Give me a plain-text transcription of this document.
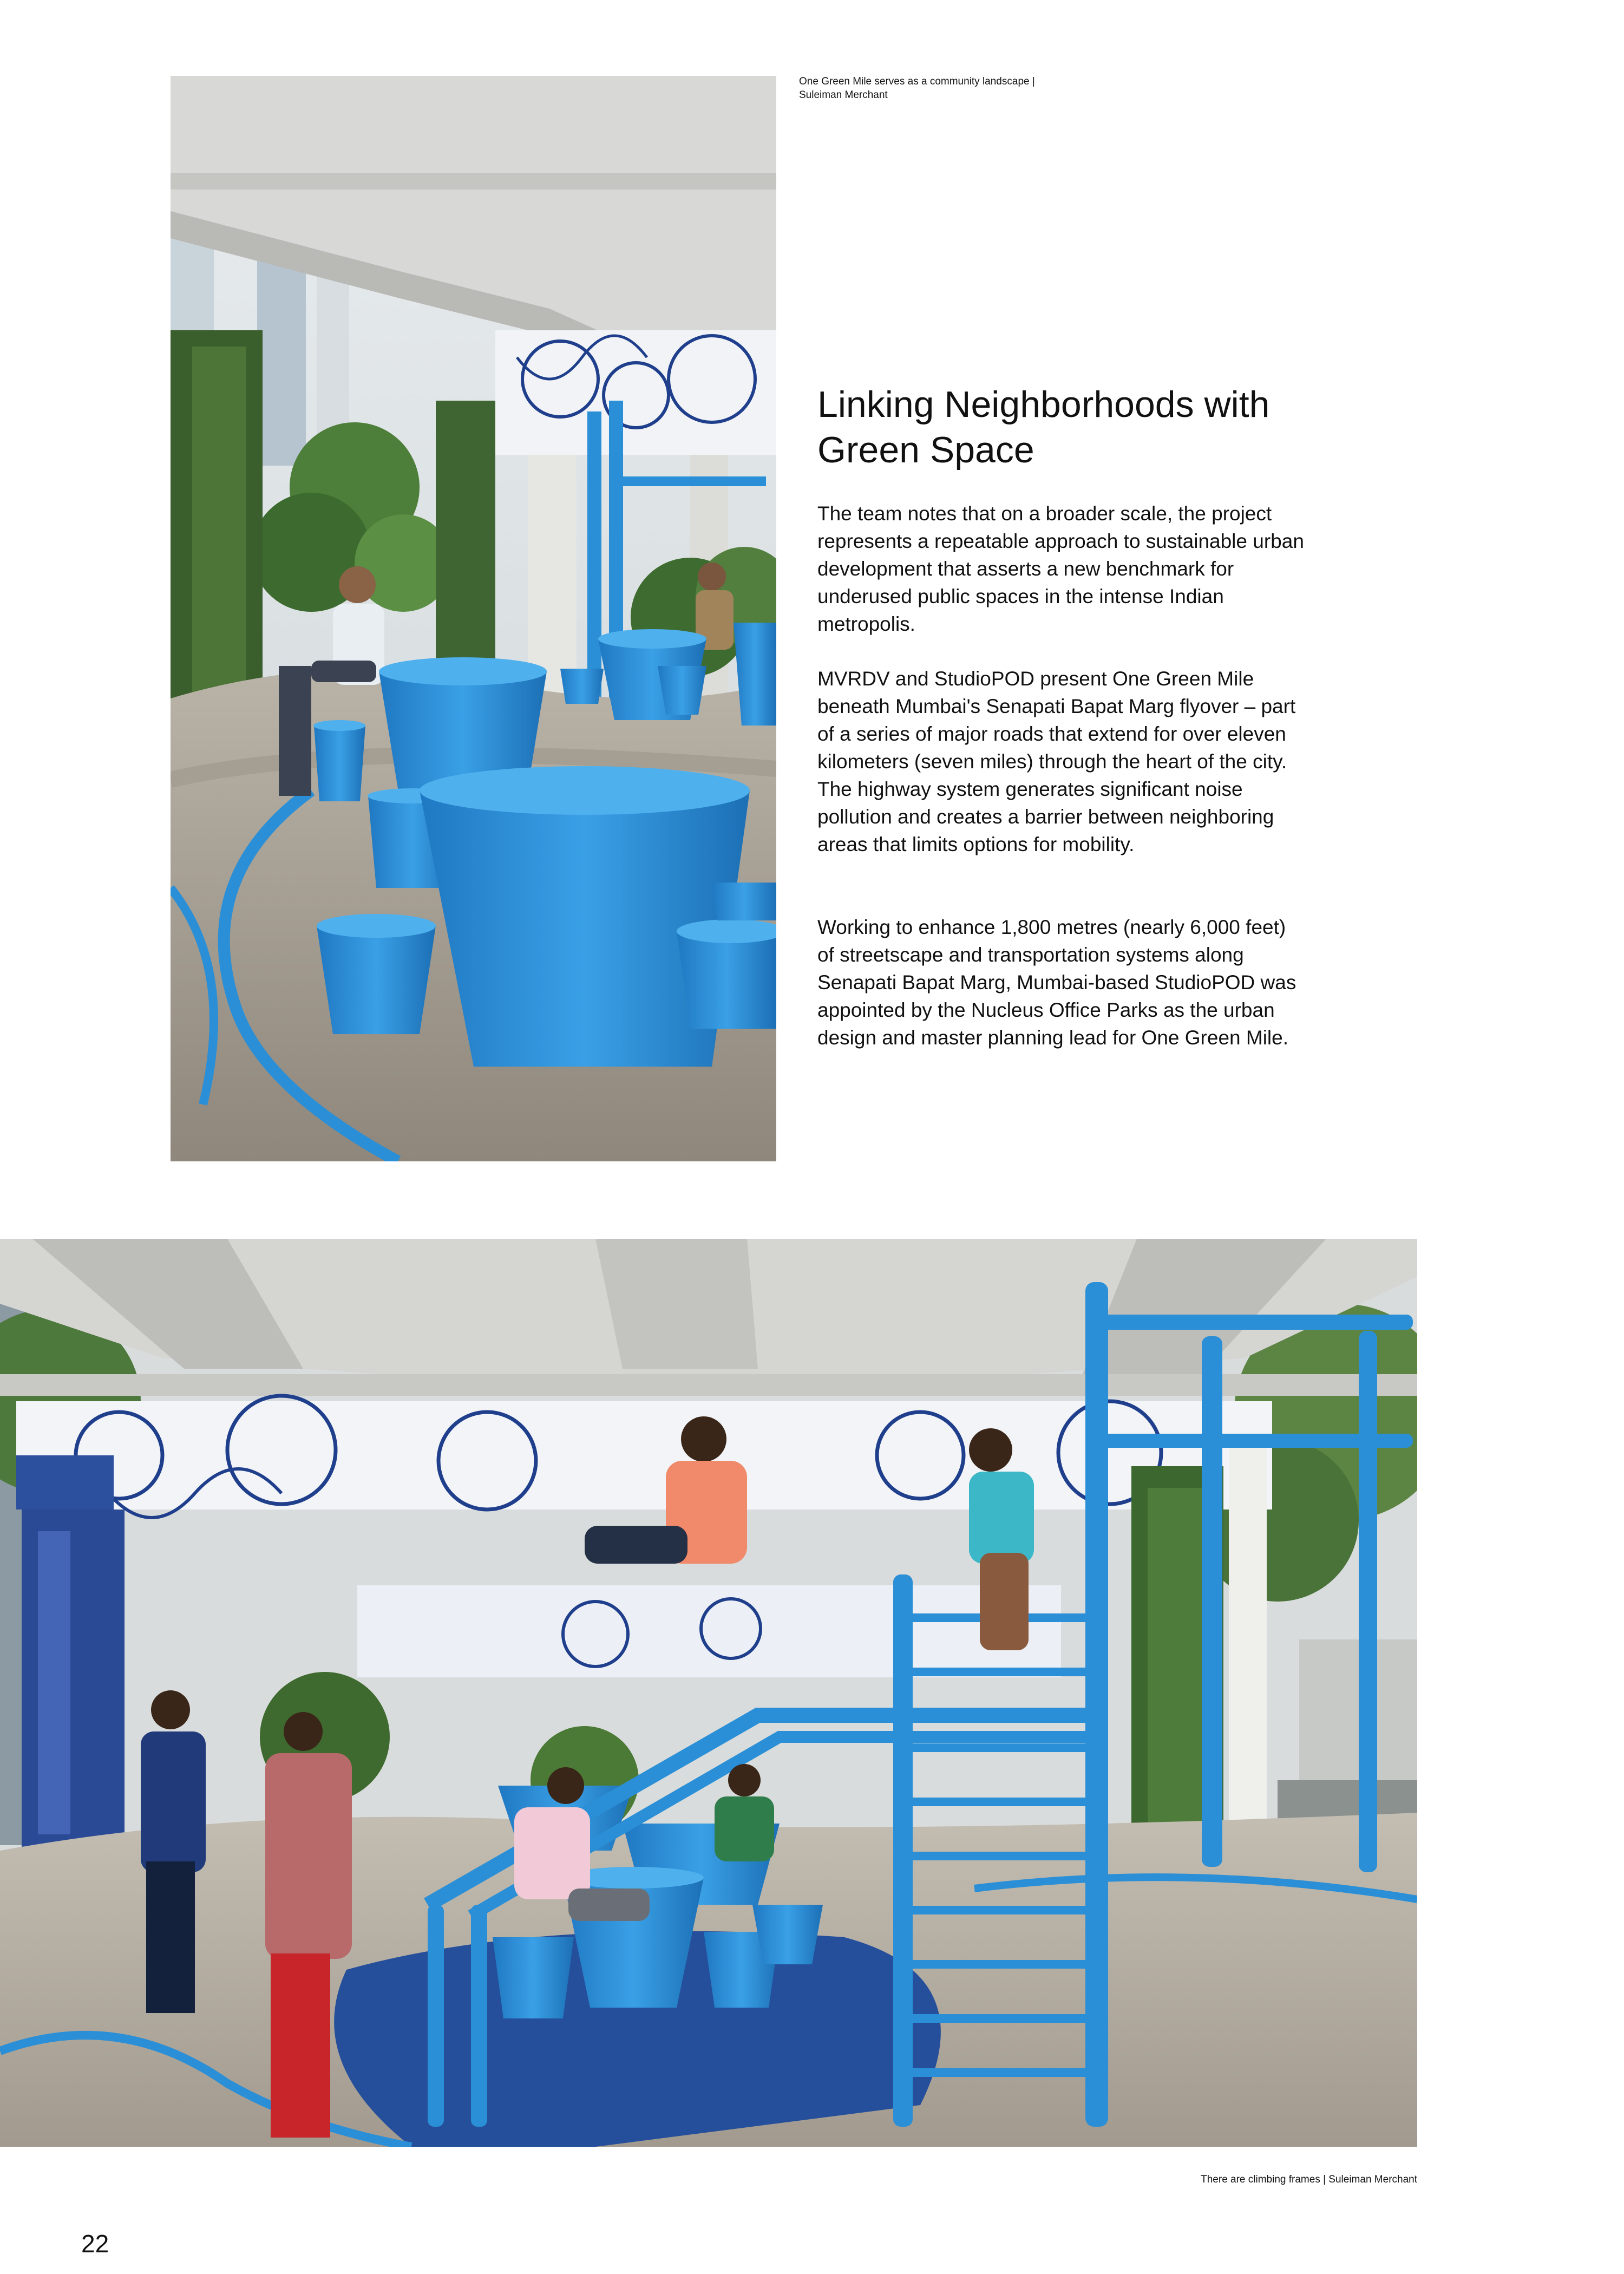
One Green Mile serves as a community landscape | Suleiman Merchant

Linking Neighborhoods with Green Space

The team notes that on a broader scale, the project represents a repeatable approach to sustainable urban development that asserts a new benchmark for underused public spaces in the intense Indian metropolis.

MVRDV and StudioPOD present One Green Mile beneath Mumbai's Senapati Bapat Marg flyover – part of a series of major roads that extend for over eleven kilometers (seven miles) through the heart of the city. The highway system generates significant noise pollution and creates a barrier between neighboring areas that limits options for mobility.

Working to enhance 1,800 metres (nearly 6,000 feet) of streetscape and transportation systems along Senapati Bapat Marg, Mumbai-based StudioPOD was appointed by the Nucleus Office Parks as the urban design and master planning lead for One Green Mile.

There are climbing frames | Suleiman Merchant

22
